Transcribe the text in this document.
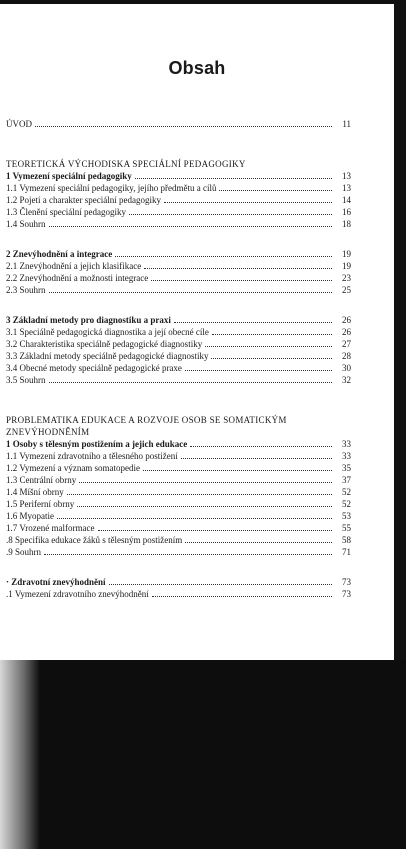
Obsah
ÚVOD	11
TEORETICKÁ VÝCHODISKA SPECIÁLNÍ PEDAGOGIKY
1 Vymezení speciální pedagogiky	13
1.1 Vymezení speciální pedagogiky, jejího předmětu a cílů	13
1.2 Pojetí a charakter speciální pedagogiky	14
1.3 Členění speciální pedagogiky	16
1.4 Souhrn	18
2 Znevýhodnění a integrace	19
2.1 Znevýhodnění a jejich klasifikace	19
2.2 Znevýhodnění a možnosti integrace	23
2.3 Souhrn	25
3 Základní metody pro diagnostiku a praxi	26
3.1 Speciálně pedagogická diagnostika a její obecné cíle	26
3.2 Charakteristika speciálně pedagogické diagnostiky	27
3.3 Základní metody speciálně pedagogické diagnostiky	28
3.4 Obecné metody speciálně pedagogické praxe	30
3.5 Souhrn	32
PROBLEMATIKA EDUKACE A ROZVOJE OSOB SE SOMATICKÝM
ZNEVÝHODNĚNÍM
1 Osoby s tělesným postižením a jejich edukace	33
1.1 Vymezení zdravotního a tělesného postižení	33
1.2 Vymezení a význam somatopedie	35
1.3 Centrální obrny	37
1.4 Míšní obrny	52
1.5 Periferní obrny	52
1.6 Myopatie	53
1.7 Vrozené malformace	55
.8 Specifika edukace žáků s tělesným postižením	58
.9 Souhrn	71
· Zdravotní znevýhodnění	73
.1 Vymezení zdravotního znevýhodnění	73
